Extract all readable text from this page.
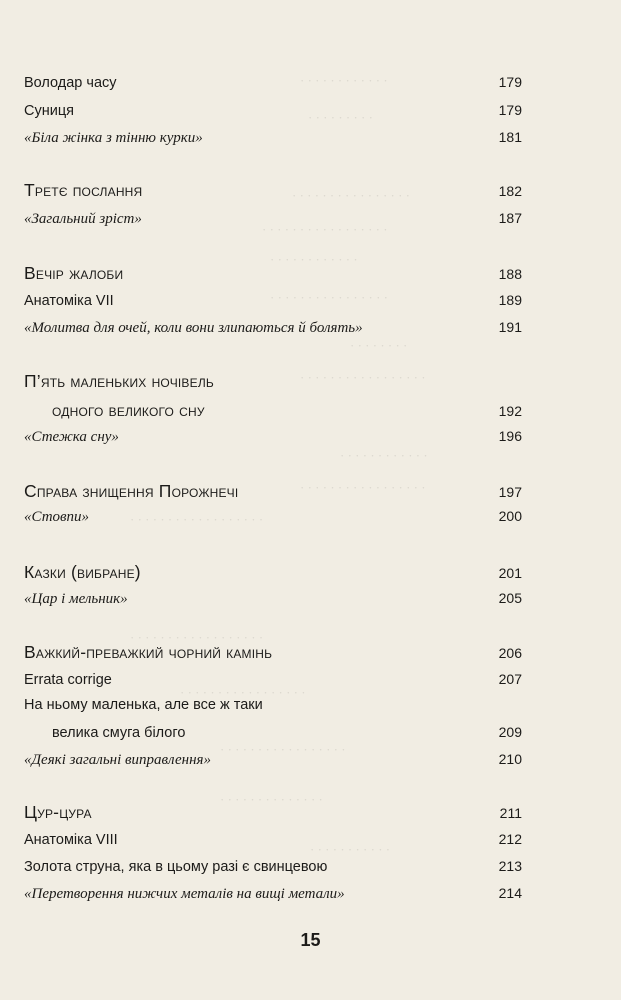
· · · · · · · · · · · ·
· · · · · · · · ·
· · · · · · · · · · · · · · · ·
· · · · · · · · · · · · · · · · ·
· · · · · · · · · · · ·
· · · · · · · · · · · · · · · ·
· · · · · · · ·
· · · · · · · · · · · · · · · · ·
· · · · · · · · · · · ·
· · · · · · · · · · · · · · · · ·
· · · · · · · · · · · · · · · · · ·
· · · · · · · · · · · · · · · · · ·
· · · · · · · · · · · · · · · · ·
· · · · · · · · · · · · · · · · ·
· · · · · · · · · · · · · ·
· · · · · · · · · · ·
Володар часу	179
Суниця	179
«Біла жінка з тінню курки»	181
Третє послання	182
«Загальний зріст»	187
Вечір жалоби	188
Анатоміка VII	189
«Молитва для очей, коли вони злипаються й болять»	191
П’ять маленьких ночівель
одного великого сну	192
«Стежка сну»	196
Справа знищення Порожнечі	197
«Стовпи»	200
Казки (вибране)	201
«Цар і мельник»	205
Важкий-преважкий чорний камінь	206
Errata corrige	207
На ньому маленька, але все ж таки
велика смуга білого	209
«Деякі загальні виправлення»	210
Цур-цура	211
Анатоміка VIII	212
Золота струна, яка в цьому разі є свинцевою	213
«Перетворення нижчих металів на вищі метали»	214
15
